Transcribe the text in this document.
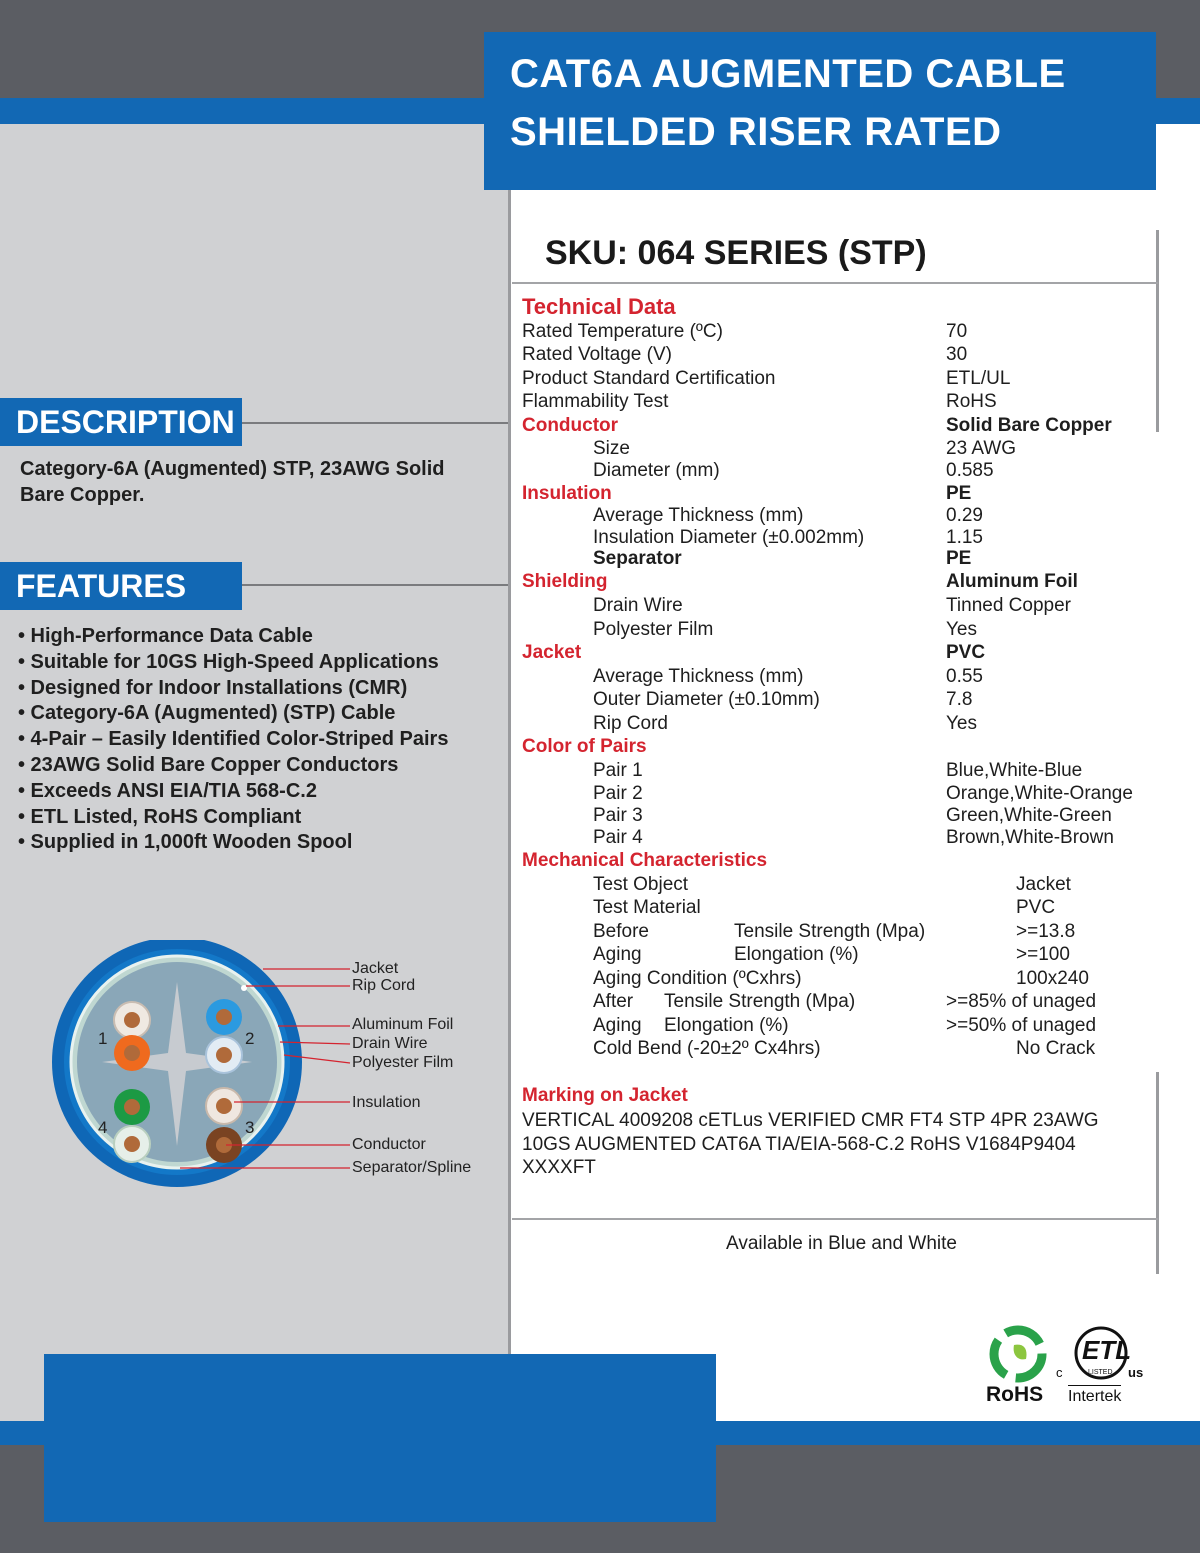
CAT6A AUGMENTED CABLE
SHIELDED RISER RATED
SKU: 064 SERIES (STP)
DESCRIPTION
Category-6A (Augmented) STP, 23AWG Solid Bare Copper.
FEATURES
• High-Performance Data Cable
• Suitable for 10GS High-Speed Applications
• Designed for Indoor Installations (CMR)
• Category-6A (Augmented) (STP) Cable
• 4-Pair – Easily Identified Color-Striped Pairs
• 23AWG Solid Bare Copper Conductors
• Exceeds ANSI EIA/TIA 568-C.2
• ETL Listed, RoHS Compliant
• Supplied in 1,000ft Wooden Spool
1	2
3
4
Jacket
Rip Cord
Aluminum Foil
Drain Wire
Polyester Film
Insulation
Conductor
Separator/Spline
Technical Data
Rated Temperature (ºC)	70
Rated Voltage (V)	30
Product Standard Certification	ETL/UL
Flammability Test	RoHS
Conductor	Solid Bare Copper
Size	23 AWG
Diameter (mm)	0.585
Insulation	PE
Average Thickness (mm)	0.29
Insulation Diameter (±0.002mm)	1.15
Separator	PE
Shielding	Aluminum Foil
Drain Wire	Tinned Copper
Polyester Film	Yes
Jacket	PVC
Average Thickness (mm)	0.55
Outer Diameter (±0.10mm)	7.8
Rip Cord	Yes
Color of Pairs
Pair 1	Blue,White-Blue
Pair 2	Orange,White-Orange
Pair 3	Green,White-Green
Pair 4	Brown,White-Brown
Mechanical Characteristics
Test Object	Jacket
Test Material	PVC
Before	Tensile Strength (Mpa)	>=13.8
Aging	Elongation (%)	>=100
Aging Condition (ºCxhrs)	100x240
After Tensile Strength (Mpa)	>=85% of unaged
Aging Elongation (%)	>=50% of unaged
Cold Bend (-20±2º Cx4hrs)	No Crack
Marking on Jacket
VERTICAL 4009208 cETLus VERIFIED CMR FT4 STP 4PR 23AWG 10GS AUGMENTED CAT6A TIA/EIA-568-C.2 RoHS V1684P9404 XXXXFT
Available in Blue and White
RoHS
c	us
ETL
LISTED
Intertek
